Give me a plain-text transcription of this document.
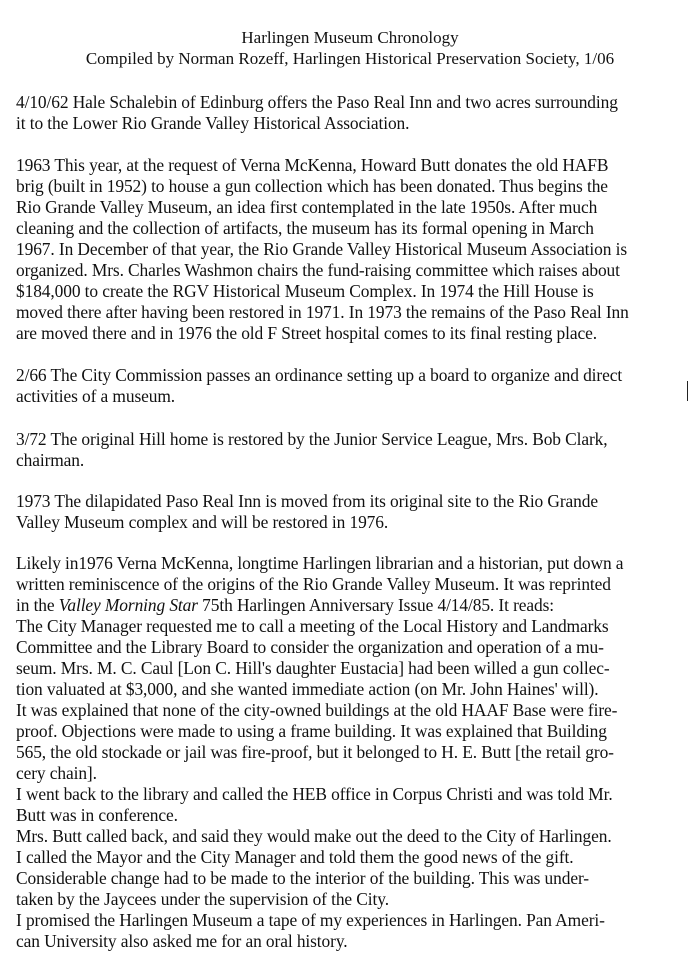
Harlingen Museum Chronology
Compiled by Norman Rozeff, Harlingen Historical Preservation Society, 1/06
4/10/62 Hale Schalebin of Edinburg offers the Paso Real Inn and two acres surrounding
it to the Lower Rio Grande Valley Historical Association.
1963 This year, at the request of Verna McKenna, Howard Butt donates the old HAFB
brig (built in 1952) to house a gun collection which has been donated. Thus begins the
Rio Grande Valley Museum, an idea first contemplated in the late 1950s. After much
cleaning and the collection of artifacts, the museum has its formal opening in March
1967. In December of that year, the Rio Grande Valley Historical Museum Association is
organized. Mrs. Charles Washmon chairs the fund-raising committee which raises about
$184,000 to create the RGV Historical Museum Complex. In 1974 the Hill House is
moved there after having been restored in 1971. In 1973 the remains of the Paso Real Inn
are moved there and in 1976 the old F Street hospital comes to its final resting place.
2/66 The City Commission passes an ordinance setting up a board to organize and direct
activities of a museum.
3/72 The original Hill home is restored by the Junior Service League, Mrs. Bob Clark,
chairman.
1973 The dilapidated Paso Real Inn is moved from its original site to the Rio Grande
Valley Museum complex and will be restored in 1976.
Likely in1976 Verna McKenna, longtime Harlingen librarian and a historian, put down a
written reminiscence of the origins of the Rio Grande Valley Museum. It was reprinted
in the Valley Morning Star 75th Harlingen Anniversary Issue 4/14/85. It reads:
The City Manager requested me to call a meeting of the Local History and Landmarks
Committee and the Library Board to consider the organization and operation of a mu-
seum. Mrs. M. C. Caul [Lon C. Hill's daughter Eustacia] had been willed a gun collec-
tion valuated at $3,000, and she wanted immediate action (on Mr. John Haines' will).
It was explained that none of the city-owned buildings at the old HAAF Base were fire-
proof. Objections were made to using a frame building. It was explained that Building
565, the old stockade or jail was fire-proof, but it belonged to H. E. Butt [the retail gro-
cery chain].
I went back to the library and called the HEB office in Corpus Christi and was told Mr.
Butt was in conference.
Mrs. Butt called back, and said they would make out the deed to the City of Harlingen.
I called the Mayor and the City Manager and told them the good news of the gift.
Considerable change had to be made to the interior of the building. This was under-
taken by the Jaycees under the supervision of the City.
I promised the Harlingen Museum a tape of my experiences in Harlingen. Pan Ameri-
can University also asked me for an oral history.
